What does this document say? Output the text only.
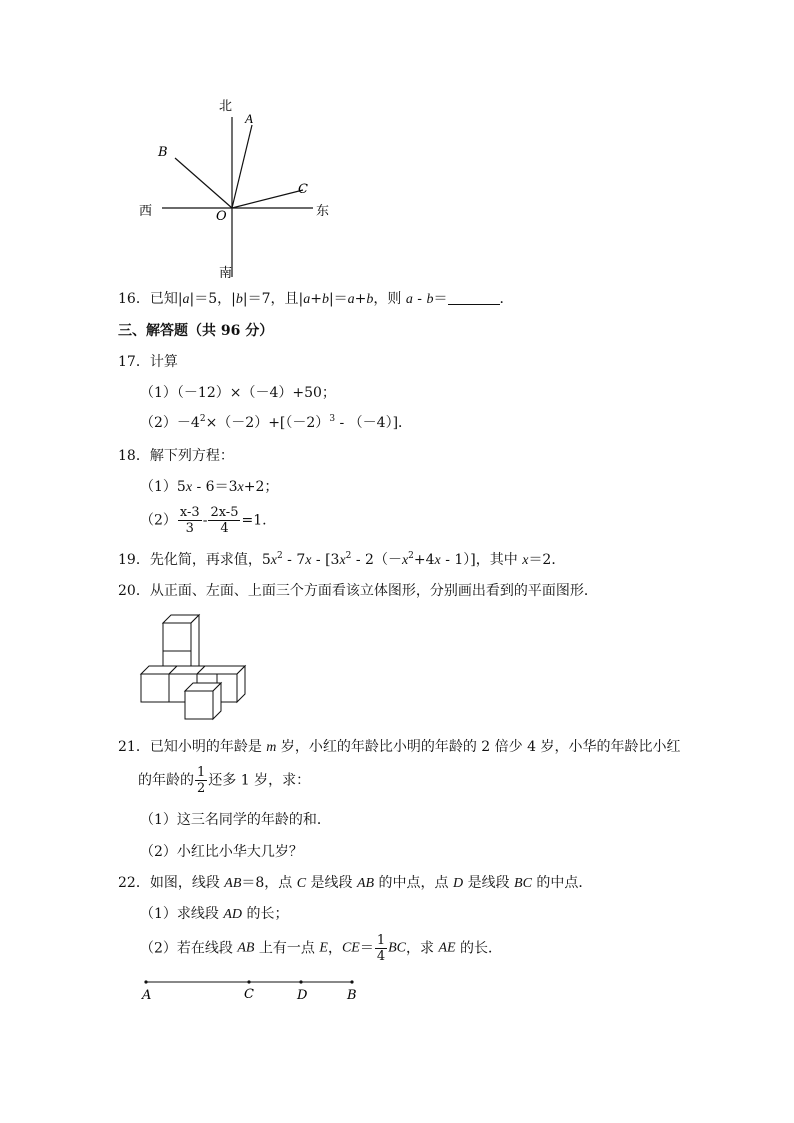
北
A
B
C
西	O	东
南
16．已知|a|＝5，|b|＝7，且|a+b|＝a+b，则 a - b＝	．
三、解答题（共 96 分）
17．计算
（1）（－12）×（－4）+50；
$(2)-4^2\times(-2)+[(-2)^3 - (-4)]$．
18．解下列方程：
（1）5x - 6＝3x+2；
$(2) \frac{x-3}{3} - \frac{2x-5}{4} =1$.
19．先化简，再求值，$5x^2 - 7x - [3x^2 - 2(-x^2+4x - 1)]$，其中 x＝2．
20．从正面、左面、上面三个方面看该立体图形，分别画出看到的平面图形．
21．已知小明的年龄是 m 岁，小红的年龄比小明的年龄的 2 倍少 4 岁，小华的年龄比小红
的年龄的 $\frac{1}{2}$ 还多 1 岁，求：
（1）这三名同学的年龄的和．
（2）小红比小华大几岁？
22．如图，线段 AB＝8，点 C 是线段 AB 的中点，点 D 是线段 BC 的中点．
（1）求线段 AD 的长；
（2）若在线段 AB 上有一点 E，$CE= \frac{1}{4}$ BC，求 AE 的长．
A	C	D	B
